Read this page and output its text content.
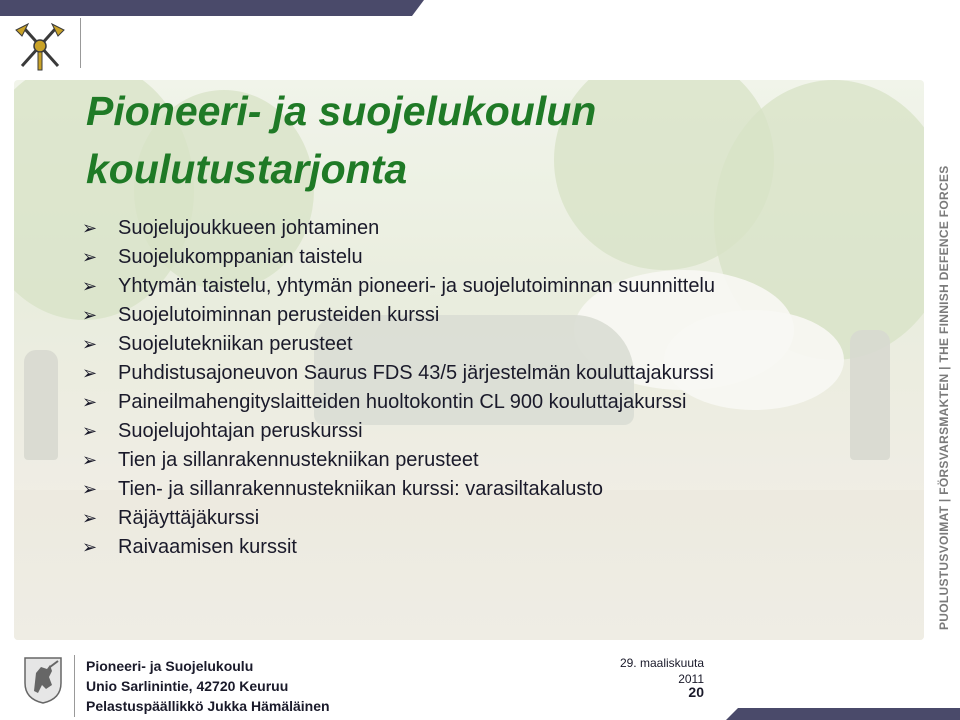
Pioneeri- ja suojelukoulun koulutustarjonta
➢ Suojelujoukkueen johtaminen
➢ Suojelukomppanian taistelu
➢ Yhtymän taistelu, yhtymän pioneeri- ja suojelutoiminnan suunnittelu
➢ Suojelutoiminnan perusteiden kurssi
➢ Suojelutekniikan perusteet
➢ Puhdistusajoneuvon Saurus FDS 43/5 järjestelmän kouluttajakurssi
➢ Paineilmahengityslaitteiden huoltokontin CL 900 kouluttajakurssi
➢ Suojelujohtajan peruskurssi
➢ Tien ja sillanrakennustekniikan perusteet
➢ Tien- ja sillanrakennustekniikan kurssi: varasiltakalusto
➢ Räjäyttäjäkurssi
➢ Raivaamisen kurssit	PUOLUSTUSVOIMAT | FÖRSVARSMAKTEN | THE FINNISH DEFENCE FORCES
Pioneeri- ja Suojelukoulu
Unio Sarlinintie, 42720 Keuruu
Pelastuspäällikkö Jukka Hämäläinen
29. maaliskuuta 2011
20
